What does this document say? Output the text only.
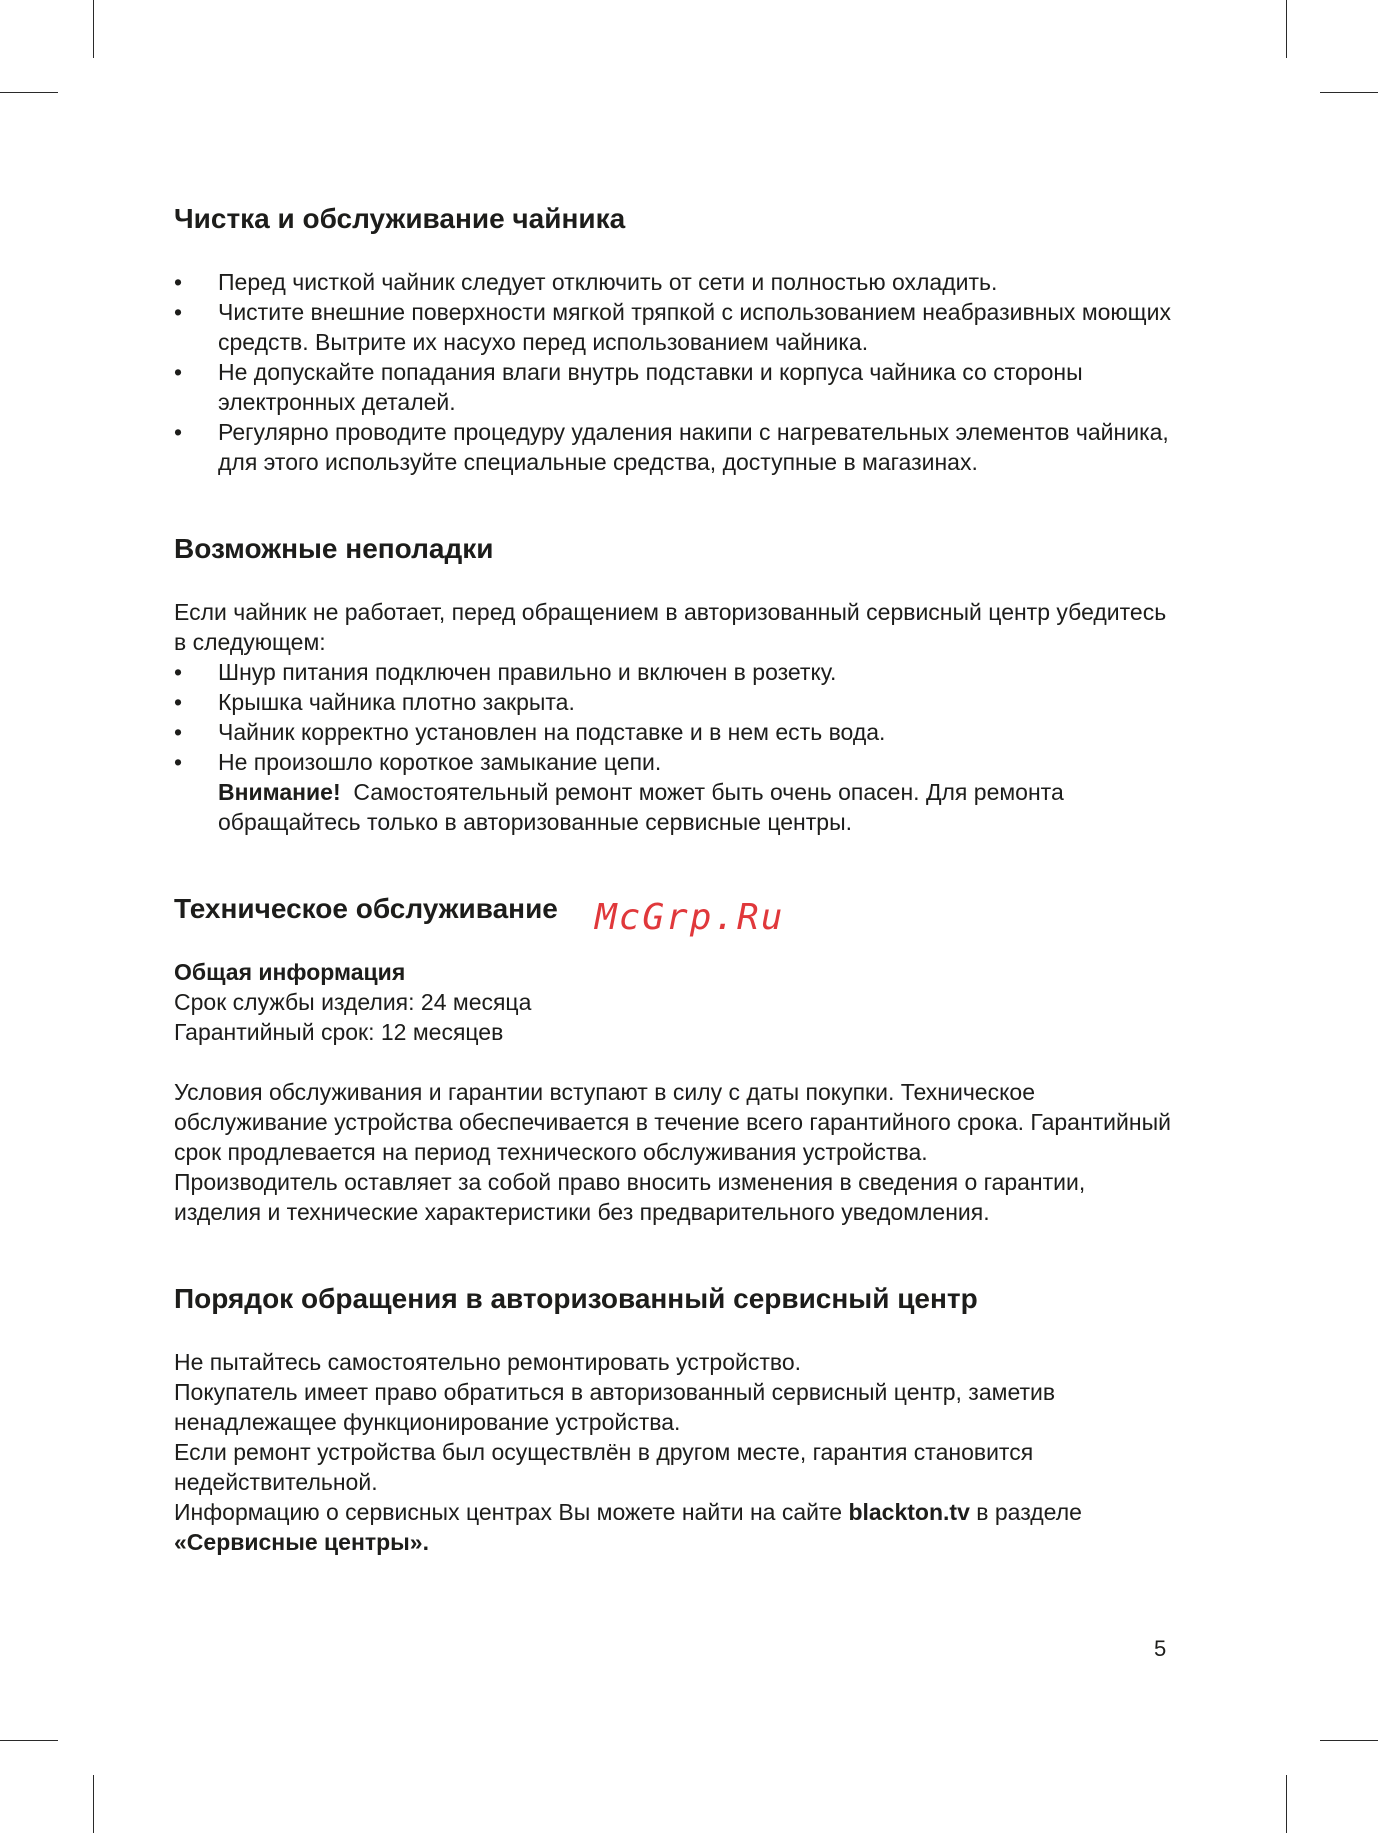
Чистка и обслуживание чайника
•	Перед чисткой чайник следует отключить от сети и полностью охладить.
•	Чистите внешние поверхности мягкой тряпкой с использованием неабразивных моющих средств. Вытрите их насухо перед использованием чайника.
•	Не допускайте попадания влаги внутрь подставки и корпуса чайника со стороны электронных деталей.
•	Регулярно проводите процедуру удаления накипи с нагревательных элементов чайника, для этого используйте специальные средства, доступные в магазинах.
Возможные неполадки

Если чайник не работает, перед обращением в авторизованный сервисный центр убедитесь в следующем:

•	Шнур питания подключен правильно и включен в розетку.
•	Крышка чайника плотно закрыта.
•	Чайник корректно установлен на подставке и в нем есть вода.
•	Не произошло короткое замыкание цепи.
Внимание! Самостоятельный ремонт может быть очень опасен. Для ремонта обращайтесь только в авторизованные сервисные центры.
Техническое обслуживание

Общая информация
Срок службы изделия: 24 месяца
Гарантийный срок: 12 месяцев

Условия обслуживания и гарантии вступают в силу с даты покупки. Техническое обслуживание устройства обеспечивается в течение всего гарантийного срока. Гарантийный срок продлевается на период технического обслуживания устройства.
Производитель оставляет за собой право вносить изменения в сведения о гарантии, изделия и технические характеристики без предварительного уведомления.

Порядок обращения в авторизованный сервисный центр

Не пытайтесь самостоятельно ремонтировать устройство.
Покупатель имеет право обратиться в авторизованный сервисный центр, заметив ненадлежащее функционирование устройства.
Если ремонт устройства был осуществлён в другом месте, гарантия становится недействительной.
Информацию о сервисных центрах Вы можете найти на сайте blackton.tv в разделе «Сервисные центры».

McGrp.Ru
5
